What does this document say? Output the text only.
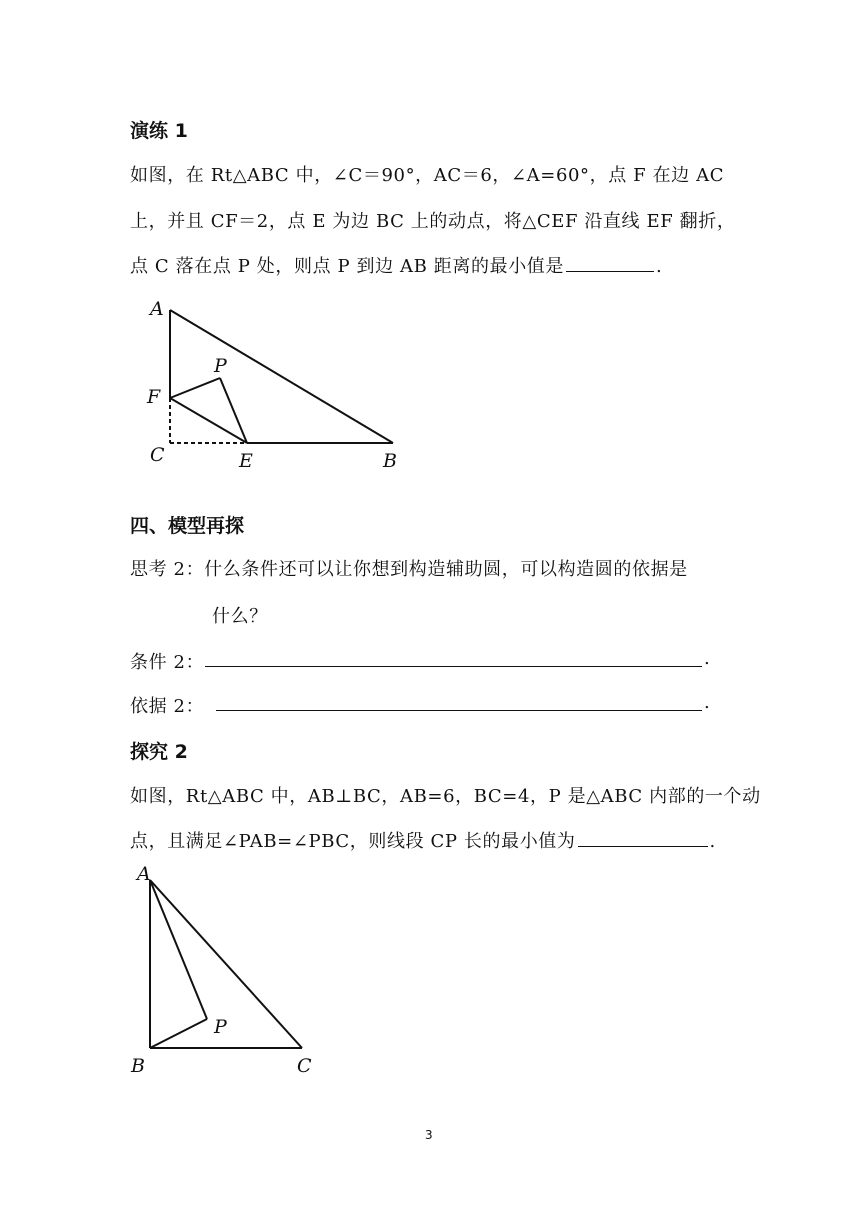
演练 1
如图，在 Rt△ABC 中，∠C＝90°，AC＝6，∠A=60°，点 F 在边 AC
上，并且 CF＝2，点 E 为边 BC 上的动点，将△CEF 沿直线 EF 翻折，
点 C 落在点 P 处，则点 P 到边 AB 距离的最小值是	.
A
P
F
C	E	B
四、模型再探
思考 2：什么条件还可以让你想到构造辅助圆，可以构造圆的依据是
什么？
条件 2：	.
依据 2：	.
探究 2
如图，Rt△ABC 中，AB⊥BC，AB=6，BC=4，P 是△ABC 内部的一个动
点，且满足∠PAB=∠PBC，则线段 CP 长的最小值为	.
A
P
B	C
3
